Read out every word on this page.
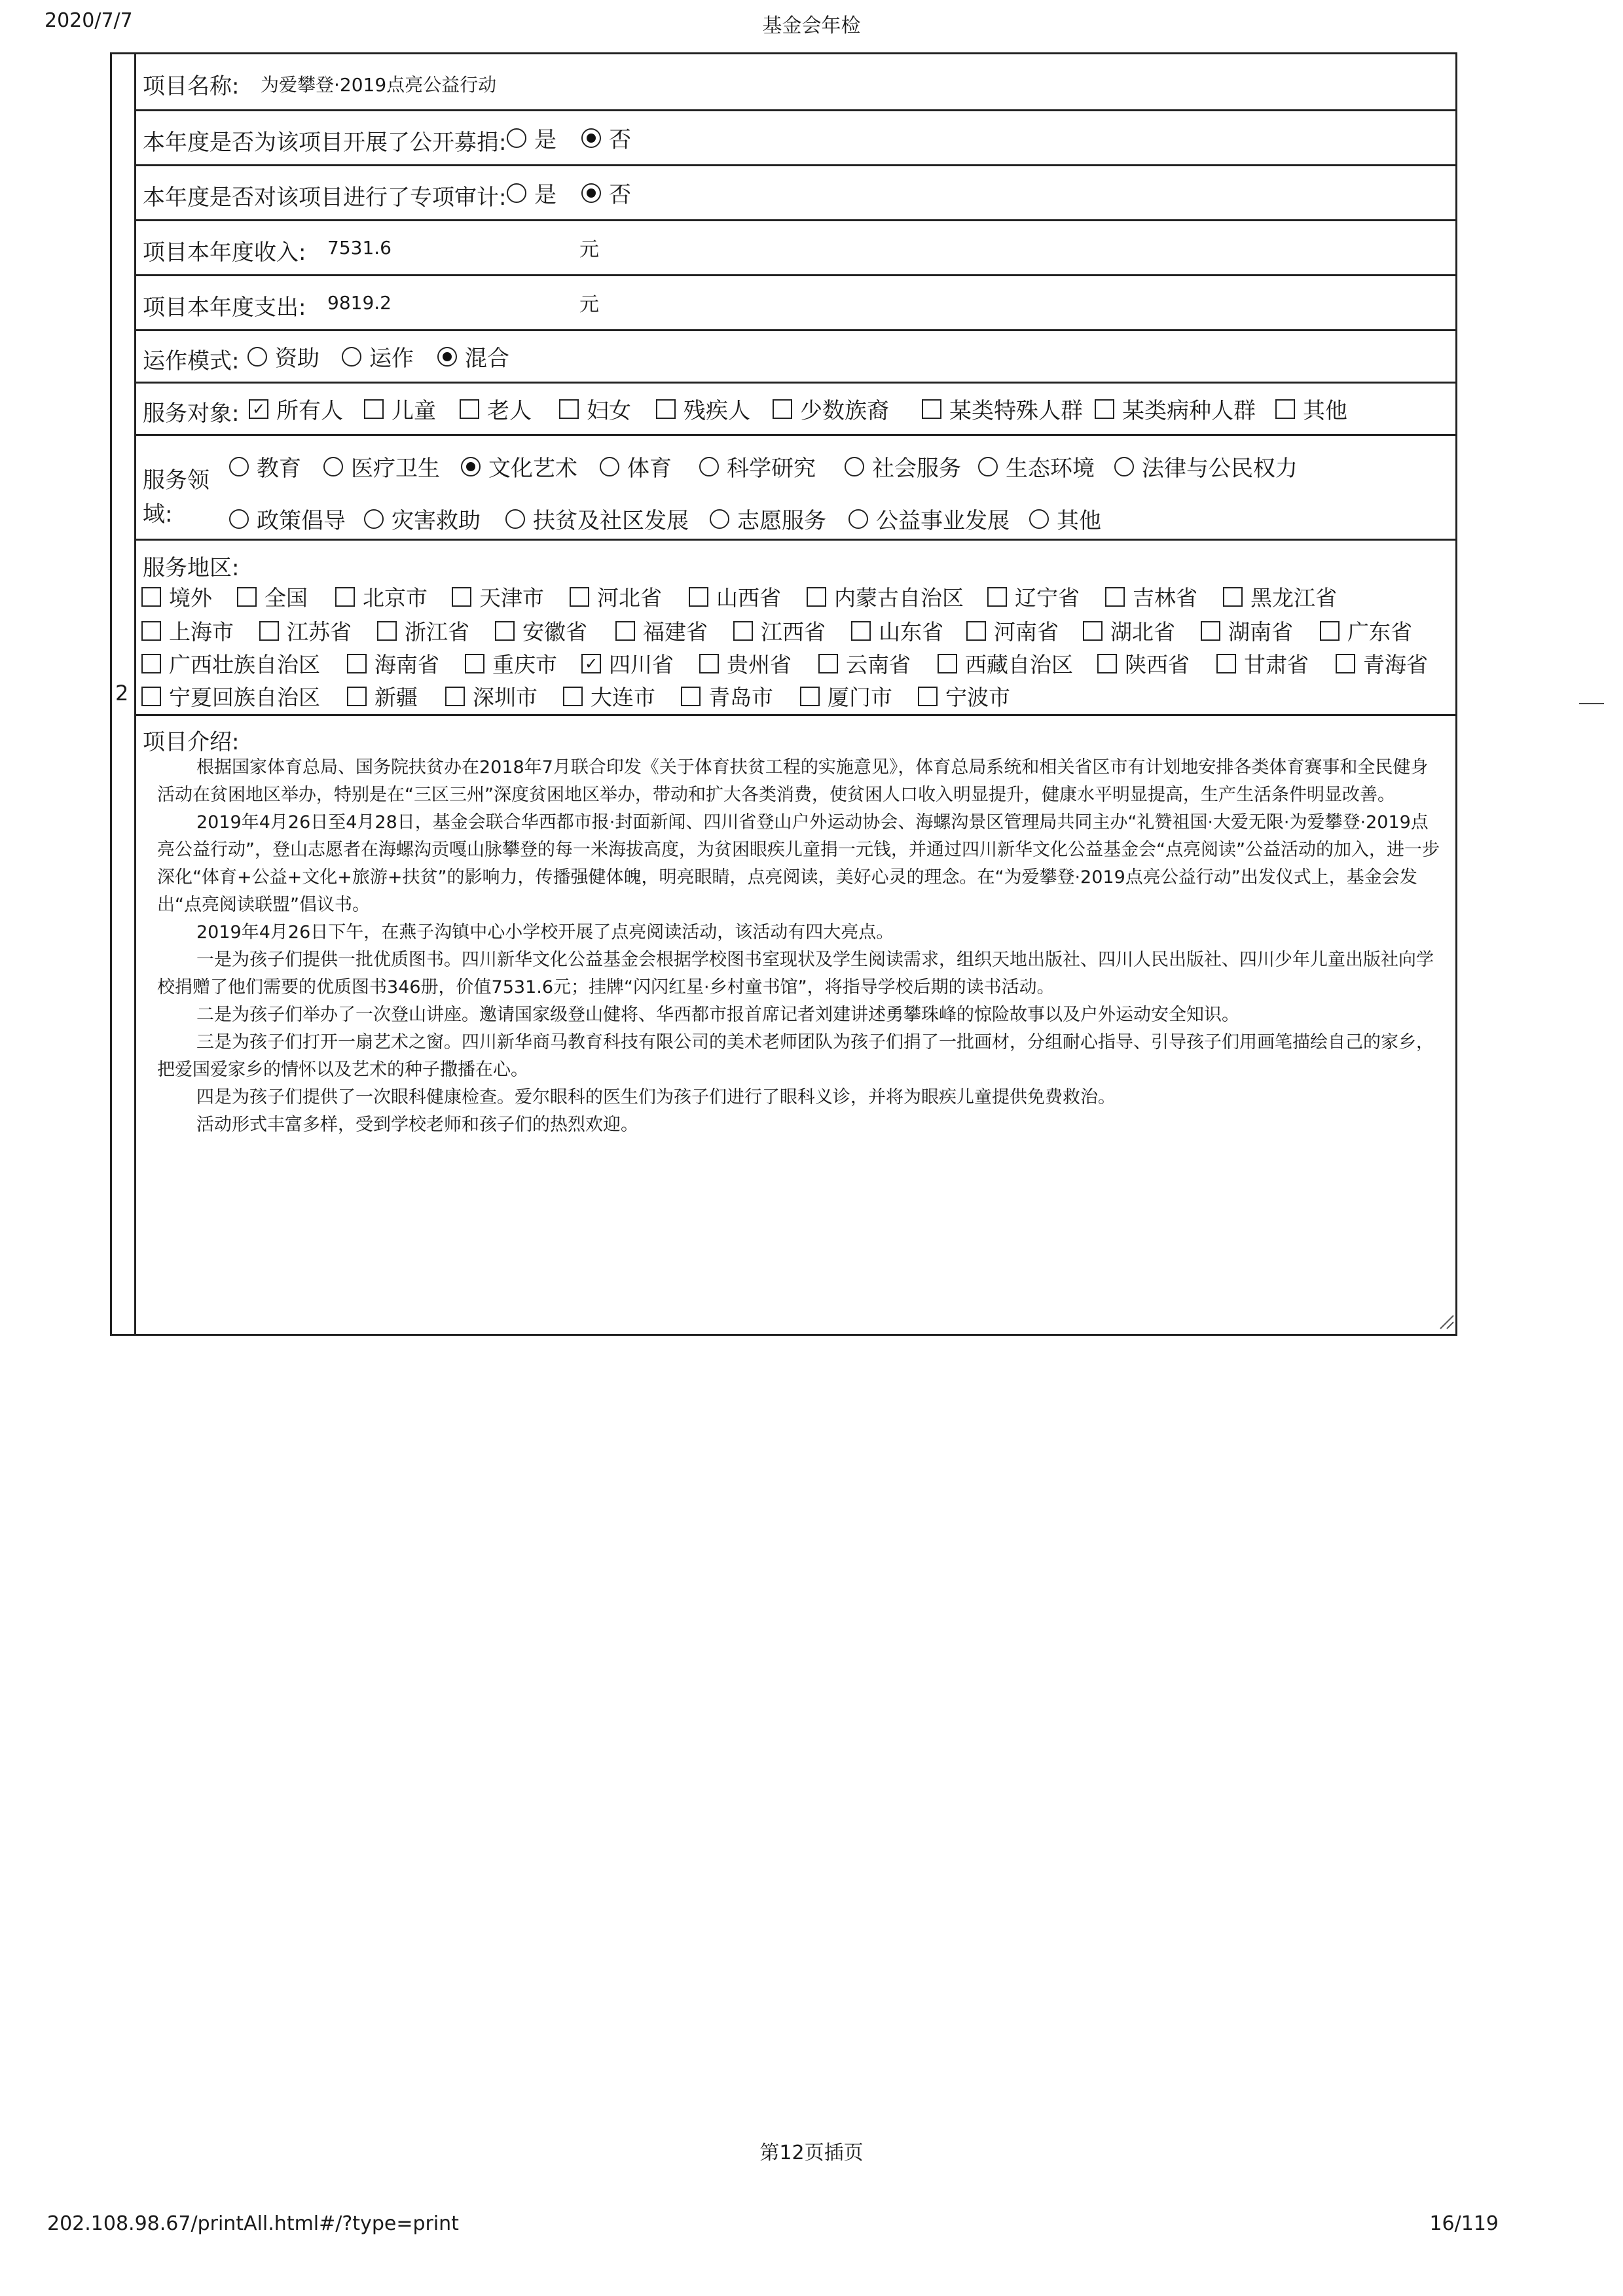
2020/7/7	基金会年检
2
项目名称: 为爱攀登·2019点亮公益行动
本年度是否为该项目开展了公开募捐: 是 否
本年度是否对该项目进行了专项审计: 是 否
项目本年度收入: 7531.6	元
项目本年度支出: 9819.2	元
运作模式: 资助 运作 混合
服务对象: ✓ 所有人 儿童 老人 妇女 残疾人 少数族裔	某类特殊人群 某类病种人群 其他
服务领
域:
教育 医疗卫生 文化艺术 体育 科学研究	社会服务 生态环境 法律与公民权力
政策倡导 灾害救助 扶贫及社区发展 志愿服务 公益事业发展 其他
服务地区:
境外 全国	北京市 天津市 河北省	山西省 内蒙古自治区 辽宁省 吉林省 黑龙江省
上海市 江苏省 浙江省 安徽省	福建省 江西省 山东省 河南省 湖北省 湖南省	广东省
广西壮族自治区	海南省 重庆市 ✓ 四川省 贵州省	云南省	西藏自治区 陕西省	甘肃省	青海省
宁夏回族自治区	新疆	深圳市 大连市 青岛市	厦门市 宁波市
项目介绍:

根据国家体育总局、国务院扶贫办在2018年7月联合印发《关于体育扶贫工程的实施意见》，体育总局系统和相关省区市有计划地安排各类体育赛事和全民健身活动在贫困地区举办，特别是在“三区三州”深度贫困地区举办，带动和扩大各类消费，使贫困人口收入明显提升，健康水平明显提高，生产生活条件明显改善。

2019年4月26日至4月28日，基金会联合华西都市报·封面新闻、四川省登山户外运动协会、海螺沟景区管理局共同主办“礼赞祖国·大爱无限·为爱攀登·2019点亮公益行动”，登山志愿者在海螺沟贡嘎山脉攀登的每一米海拔高度，为贫困眼疾儿童捐一元钱，并通过四川新华文化公益基金会“点亮阅读”公益活动的加入，进一步深化“体育+公益+文化+旅游+扶贫”的影响力，传播强健体魄，明亮眼睛，点亮阅读，美好心灵的理念。在“为爱攀登·2019点亮公益行动”出发仪式上，基金会发出“点亮阅读联盟”倡议书。

2019年4月26日下午，在燕子沟镇中心小学校开展了点亮阅读活动，该活动有四大亮点。

一是为孩子们提供一批优质图书。四川新华文化公益基金会根据学校图书室现状及学生阅读需求，组织天地出版社、四川人民出版社、四川少年儿童出版社向学校捐赠了他们需要的优质图书346册，价值7531.6元；挂牌“闪闪红星·乡村童书馆”，将指导学校后期的读书活动。

二是为孩子们举办了一次登山讲座。邀请国家级登山健将、华西都市报首席记者刘建讲述勇攀珠峰的惊险故事以及户外运动安全知识。

三是为孩子们打开一扇艺术之窗。四川新华商马教育科技有限公司的美术老师团队为孩子们捐了一批画材，分组耐心指导、引导孩子们用画笔描绘自己的家乡，把爱国爱家乡的情怀以及艺术的种子撒播在心。

四是为孩子们提供了一次眼科健康检查。爱尔眼科的医生们为孩子们进行了眼科义诊，并将为眼疾儿童提供免费救治。

活动形式丰富多样，受到学校老师和孩子们的热烈欢迎。

第12页插页
202.108.98.67/printAll.html#/?type=print	16/119
